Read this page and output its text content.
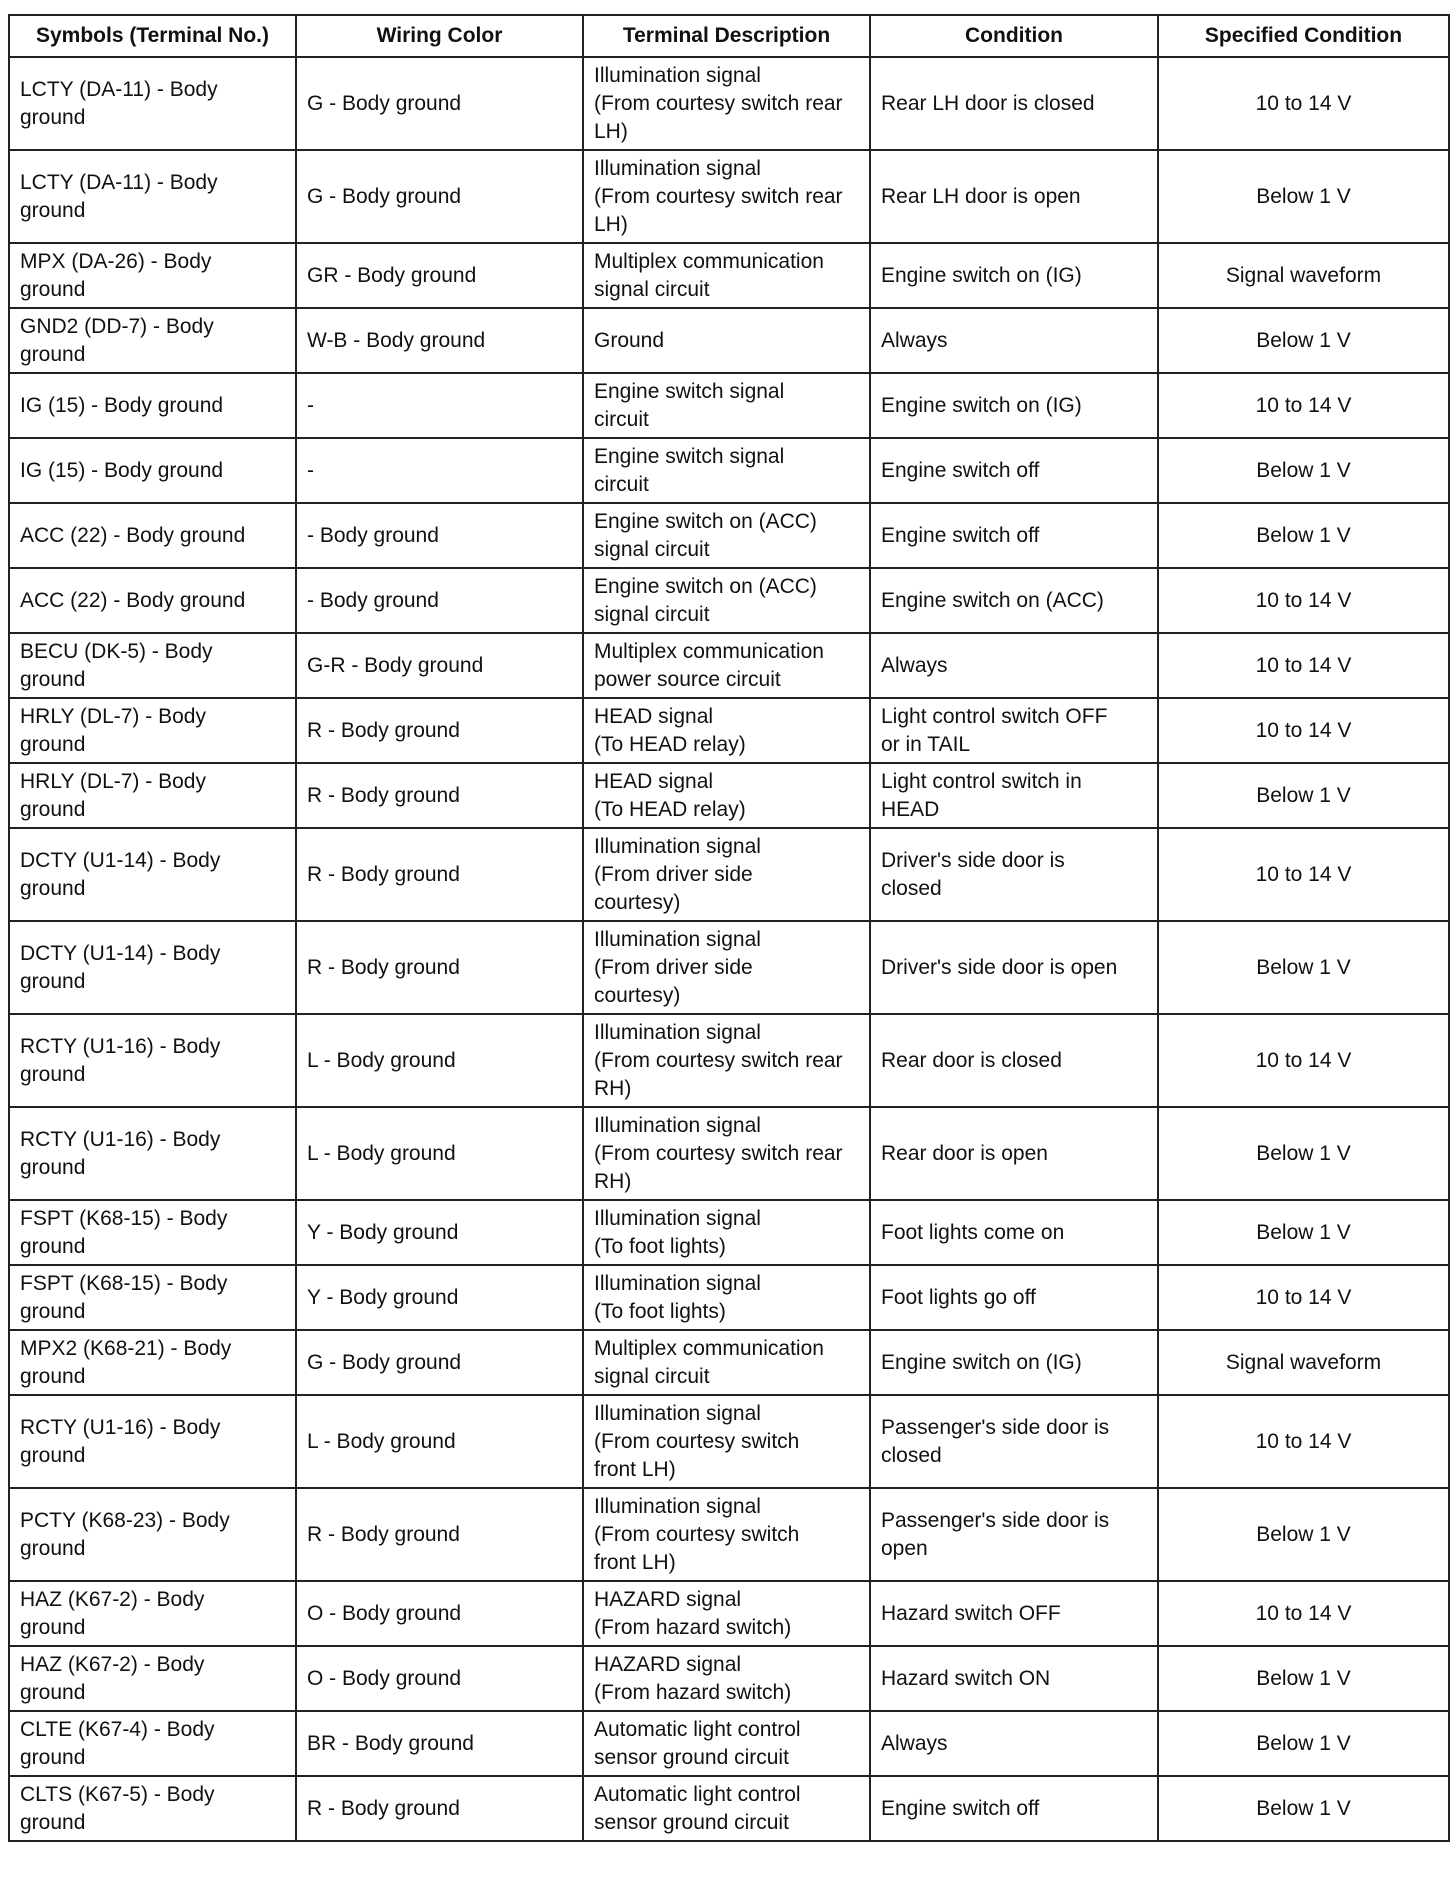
Symbols (Terminal No.)	Wiring Color	Terminal Description	Condition	Specified Condition

LCTY (DA-11) - Body
ground	G - Body ground	Illumination signal
(From courtesy switch rear
LH)	Rear LH door is closed	10 to 14 V

LCTY (DA-11) - Body
ground	G - Body ground	Illumination signal
(From courtesy switch rear
LH)	Rear LH door is open	Below 1 V

MPX (DA-26) - Body
ground	GR - Body ground	Multiplex communication
signal circuit	Engine switch on (IG)	Signal waveform

GND2 (DD-7) - Body
ground	W-B - Body ground	Ground	Always	Below 1 V

IG (15) - Body ground	-	Engine switch signal
circuit	Engine switch on (IG)	10 to 14 V

IG (15) - Body ground	-	Engine switch signal
circuit	Engine switch off	Below 1 V

ACC (22) - Body ground	- Body ground	Engine switch on (ACC)
signal circuit	Engine switch off	Below 1 V

ACC (22) - Body ground	- Body ground	Engine switch on (ACC)
signal circuit	Engine switch on (ACC)	10 to 14 V

BECU (DK-5) - Body
ground	G-R - Body ground	Multiplex communication
power source circuit	Always	10 to 14 V

HRLY (DL-7) - Body
ground	R - Body ground	HEAD signal
(To HEAD relay)	Light control switch OFF
or in TAIL	10 to 14 V

HRLY (DL-7) - Body
ground	R - Body ground	HEAD signal
(To HEAD relay)	Light control switch in
HEAD	Below 1 V

DCTY (U1-14) - Body
ground	R - Body ground	Illumination signal
(From driver side
courtesy)	Driver's side door is
closed	10 to 14 V

DCTY (U1-14) - Body
ground	R - Body ground	Illumination signal
(From driver side
courtesy)	Driver's side door is open	Below 1 V

RCTY (U1-16) - Body
ground	L - Body ground	Illumination signal
(From courtesy switch rear
RH)	Rear door is closed	10 to 14 V

RCTY (U1-16) - Body
ground	L - Body ground	Illumination signal
(From courtesy switch rear
RH)	Rear door is open	Below 1 V

FSPT (K68-15) - Body
ground	Y - Body ground	Illumination signal
(To foot lights)	Foot lights come on	Below 1 V

FSPT (K68-15) - Body
ground	Y - Body ground	Illumination signal
(To foot lights)	Foot lights go off	10 to 14 V

MPX2 (K68-21) - Body
ground	G - Body ground	Multiplex communication
signal circuit	Engine switch on (IG)	Signal waveform

RCTY (U1-16) - Body
ground	L - Body ground	Illumination signal
(From courtesy switch
front LH)	Passenger's side door is
closed	10 to 14 V

PCTY (K68-23) - Body
ground	R - Body ground	Illumination signal
(From courtesy switch
front LH)	Passenger's side door is
open	Below 1 V

HAZ (K67-2) - Body
ground	O - Body ground	HAZARD signal
(From hazard switch)	Hazard switch OFF	10 to 14 V

HAZ (K67-2) - Body
ground	O - Body ground	HAZARD signal
(From hazard switch)	Hazard switch ON	Below 1 V

CLTE (K67-4) - Body
ground	BR - Body ground	Automatic light control
sensor ground circuit	Always	Below 1 V

CLTS (K67-5) - Body
ground	R - Body ground	Automatic light control
sensor ground circuit	Engine switch off	Below 1 V
